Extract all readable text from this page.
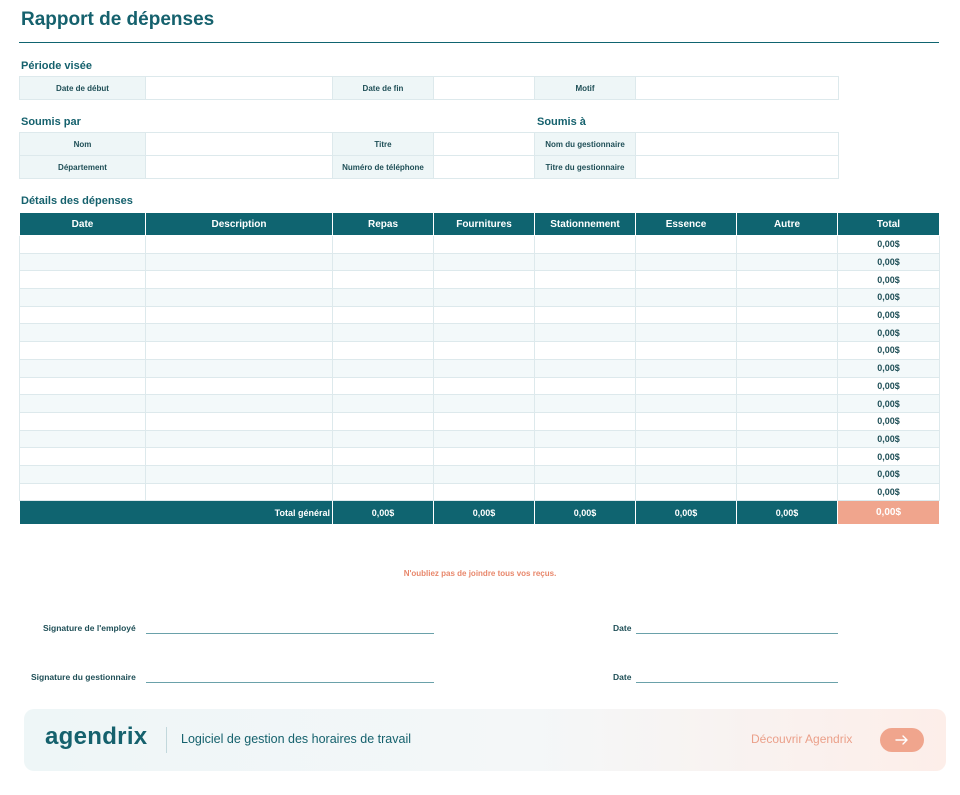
Rapport de dépenses
Période visée
Date de début		Date de fin		Motif	
Soumis par	Soumis à
Nom		Titre		Nom du gestionnaire	
Département		Numéro de téléphone		Titre du gestionnaire	
Détails des dépenses
Date	Description	Repas	Fournitures	Stationnement	Essence	Autre	Total
							0,00$
							0,00$
							0,00$
							0,00$
							0,00$
							0,00$
							0,00$
							0,00$
							0,00$
							0,00$
							0,00$
							0,00$
							0,00$
							0,00$
							0,00$
Total général		0,00$	0,00$	0,00$	0,00$	0,00$	0,00$
N'oubliez pas de joindre tous vos reçus.
Signature de l'employé	Date
Signature du gestionnaire	Date
agendrix	Logiciel de gestion des horaires de travail	Découvrir Agendrix
